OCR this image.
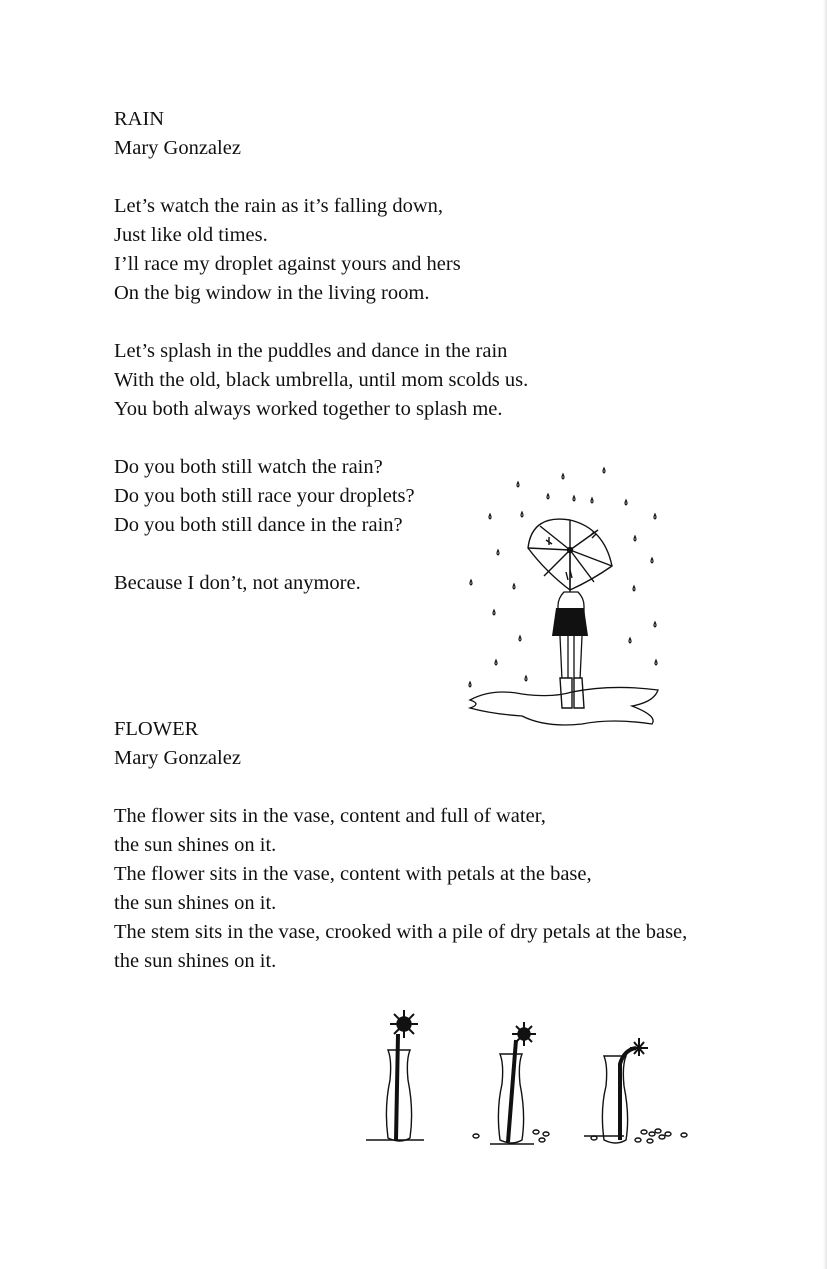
RAIN

Mary Gonzalez

Let’s watch the rain as it’s falling down,

Just like old times.

I’ll race my droplet against yours and hers

On the big window in the living room.

Let’s splash in the puddles and dance in the rain

With the old, black umbrella, until mom scolds us.

You both always worked together to splash me.

Do you both still watch the rain?

Do you both still race your droplets?

Do you both still dance in the rain?

Because I don’t, not anymore.

FLOWER

Mary Gonzalez

The flower sits in the vase, content and full of water,

the sun shines on it.

The flower sits in the vase, content with petals at the base,

the sun shines on it.

The stem sits in the vase, crooked with a pile of dry petals at the base,

the sun shines on it.
